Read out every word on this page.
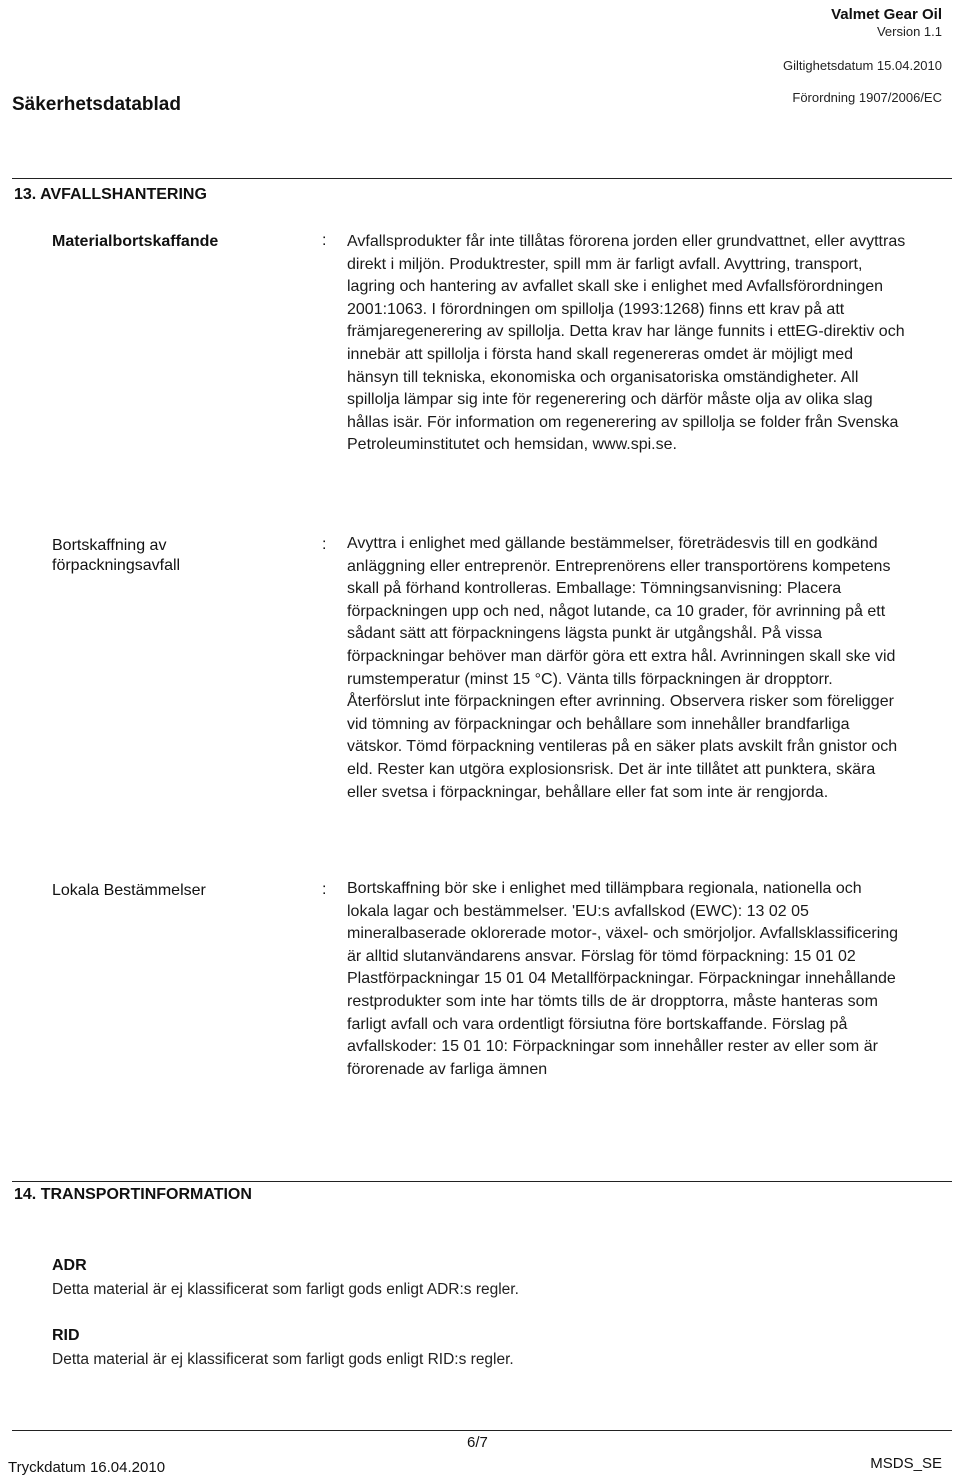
Valmet Gear Oil
Version 1.1
Giltighetsdatum 15.04.2010
Förordning 1907/2006/EC
Säkerhetsdatablad
13. AVFALLSHANTERING
Materialbortskaffande	: Avfallsprodukter får inte tillåtas förorena jorden eller grundvattnet, eller avyttras direkt i miljön. Produktrester, spill mm är farligt avfall. Avyttring, transport, lagring och hantering av avfallet skall ske i enlighet med Avfallsförordningen 2001:1063. I förordningen om spillolja (1993:1268) finns ett krav på att främjaregenerering av spillolja. Detta krav har länge funnits i ettEG-direktiv och innebär att spillolja i första hand skall regenereras omdet är möjligt med hänsyn till tekniska, ekonomiska och organisatoriska omständigheter. All spillolja lämpar sig inte för regenerering och därför måste olja av olika slag hållas isär. För information om regenerering av spillolja se folder från Svenska Petroleuminstitutet och hemsidan, www.spi.se.
Bortskaffning av förpackningsavfall
: Avyttra i enlighet med gällande bestämmelser, företrädesvis till en godkänd anläggning eller entreprenör. Entreprenörens eller transportörens kompetens skall på förhand kontrolleras. Emballage: Tömningsanvisning: Placera förpackningen upp och ned, något lutande, ca 10 grader, för avrinning på ett sådant sätt att förpackningens lägsta punkt är utgångshål. På vissa förpackningar behöver man därför göra ett extra hål. Avrinningen skall ske vid rumstemperatur (minst 15 °C). Vänta tills förpackningen är dropptorr. Återförslut inte förpackningen efter avrinning. Observera risker som föreligger vid tömning av förpackningar och behållare som innehåller brandfarliga vätskor. Tömd förpackning ventileras på en säker plats avskilt från gnistor och eld. Rester kan utgöra explosionsrisk. Det är inte tillåtet att punktera, skära eller svetsa i förpackningar, behållare eller fat som inte är rengjorda.
Lokala Bestämmelser	: Bortskaffning bör ske i enlighet med tillämpbara regionala, nationella och lokala lagar och bestämmelser. 'EU:s avfallskod (EWC): 13 02 05 mineralbaserade oklorerade motor-, växel- och smörjoljor. Avfallsklassificering är alltid slutanvändarens ansvar. Förslag för tömd förpackning: 15 01 02 Plastförpackningar 15 01 04 Metallförpackningar. Förpackningar innehållande restprodukter som inte har tömts tills de är dropptorra, måste hanteras som farligt avfall och vara ordentligt försiutna före bortskaffande. Förslag på avfallskoder: 15 01 10: Förpackningar som innehåller rester av eller som är förorenade av farliga ämnen
14. TRANSPORTINFORMATION
ADR
Detta material är ej klassificerat som farligt gods enligt ADR:s regler.
RID
Detta material är ej klassificerat som farligt gods enligt RID:s regler.
Tryckdatum 16.04.2010
6/7
MSDS_SE
